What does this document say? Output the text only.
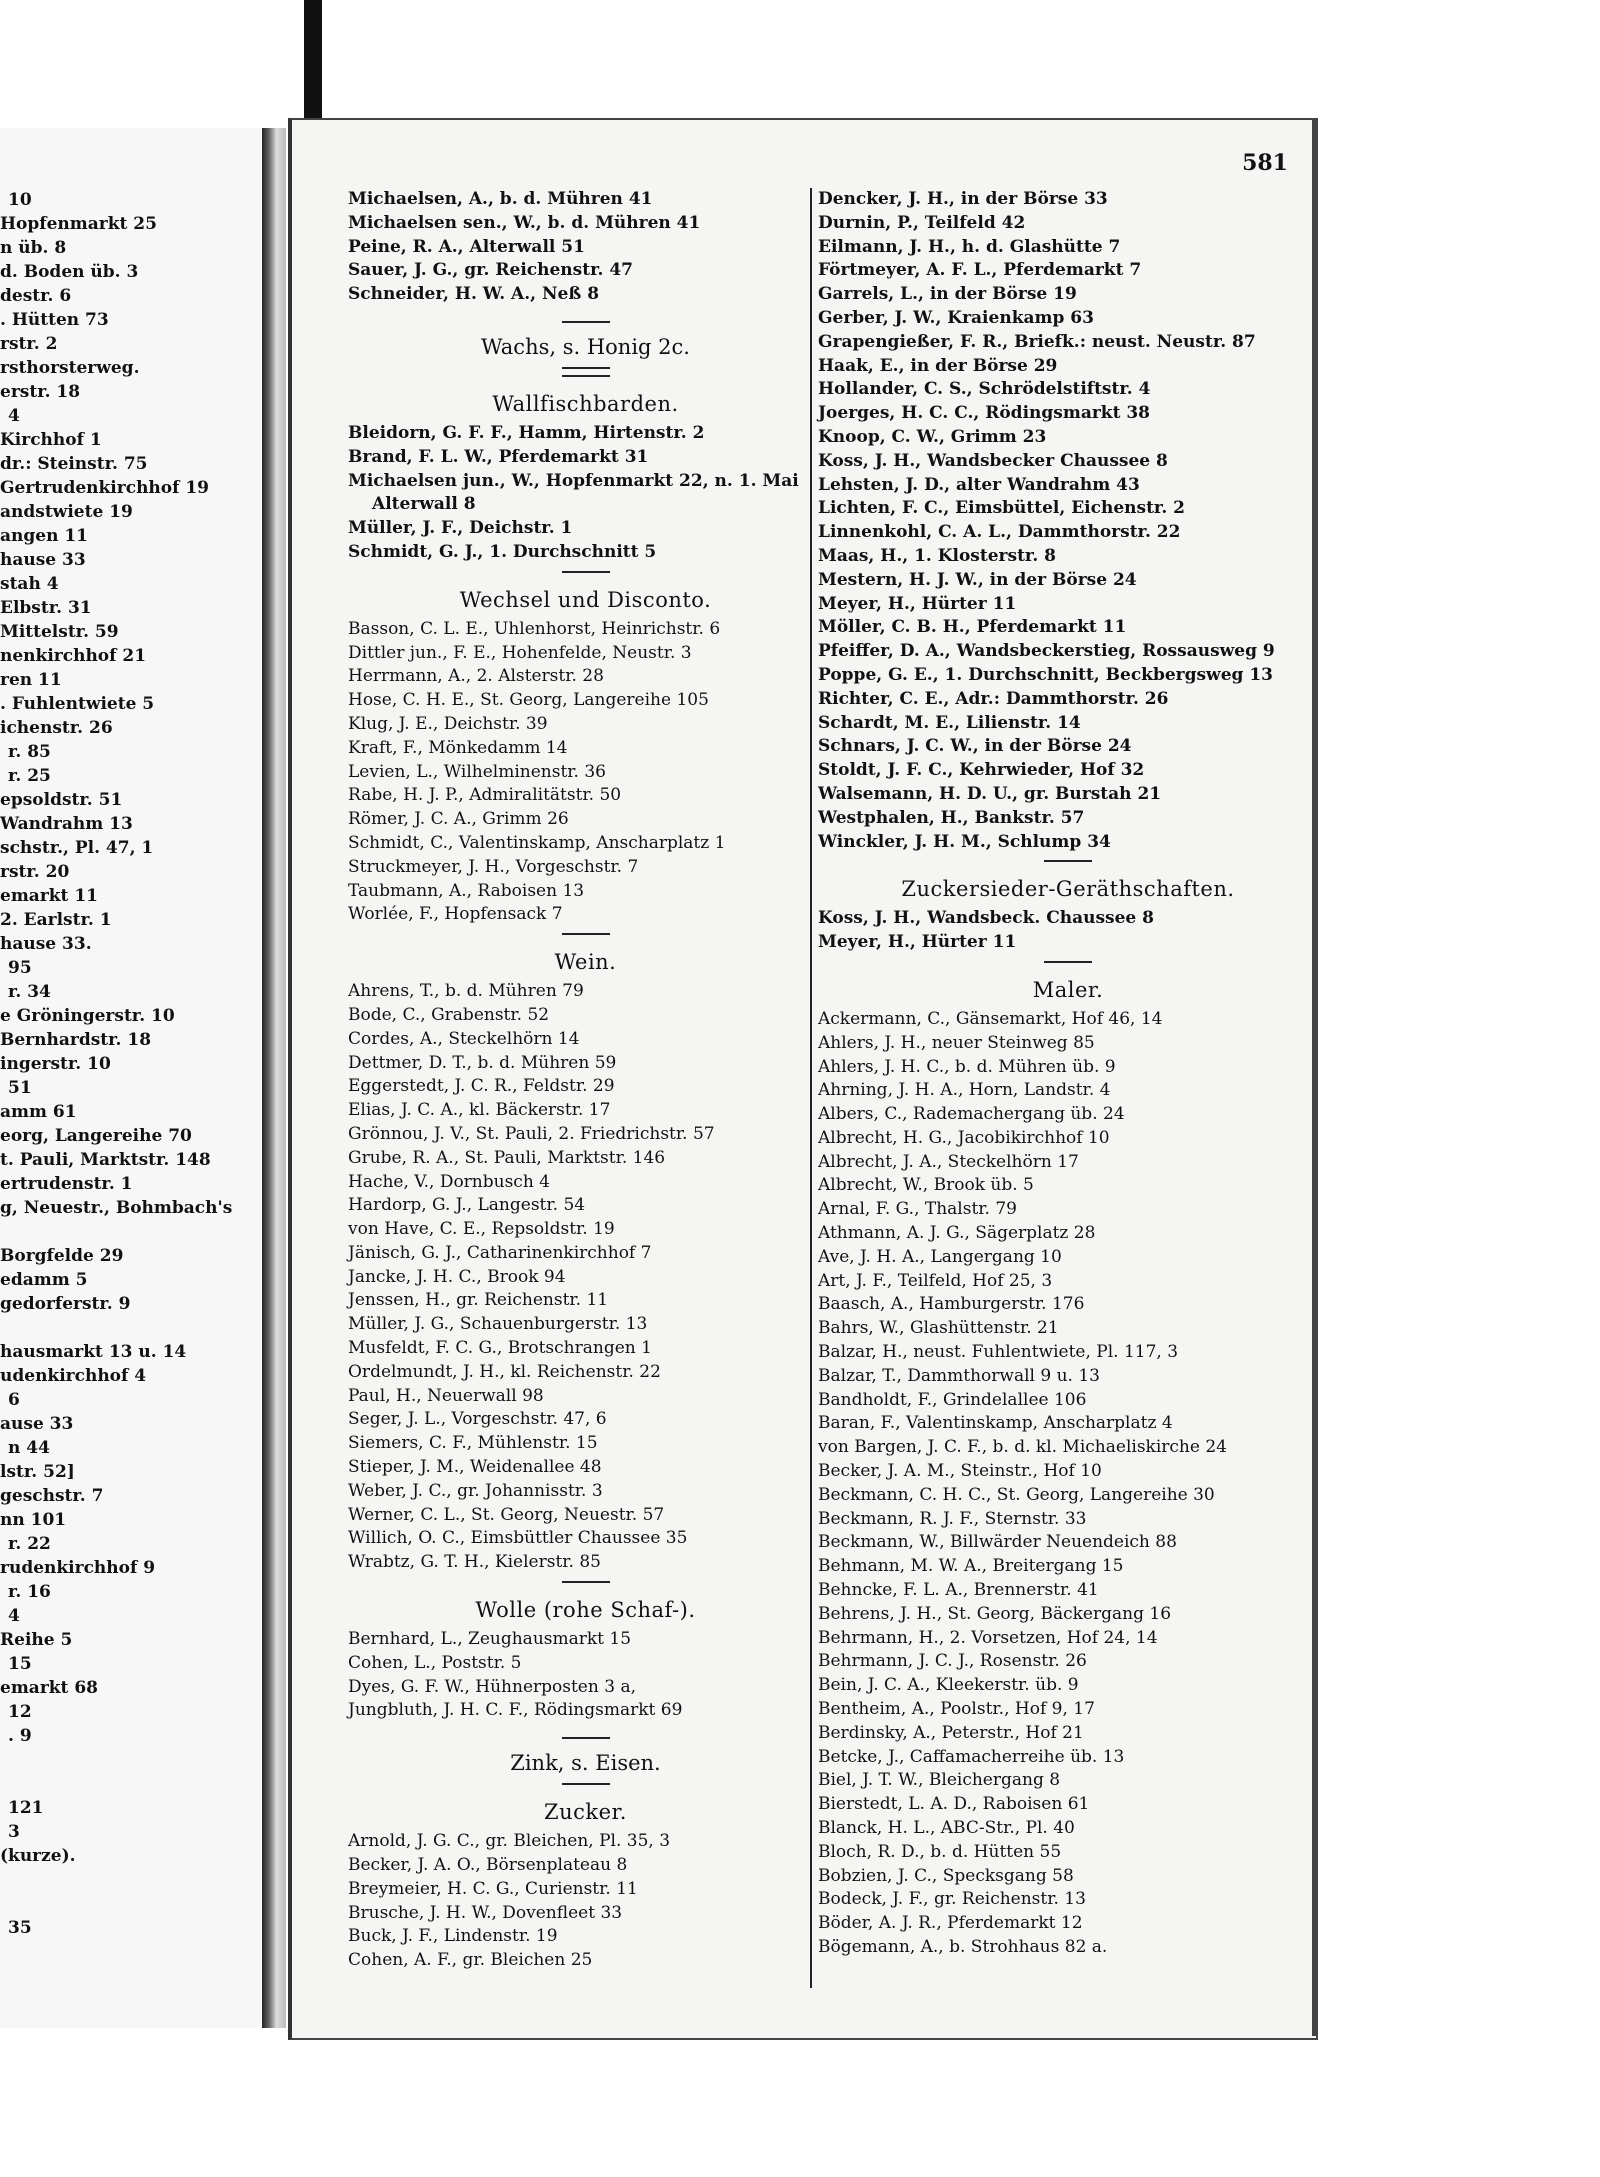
10
Hopfenmarkt 25
n üb. 8
d. Boden üb. 3
destr. 6
. Hütten 73
rstr. 2
rsthorsterweg.
erstr. 18
4
Kirchhof 1
dr.: Steinstr. 75
Gertrudenkirchhof 19
andstwiete 19
angen 11
hause 33
stah 4
Elbstr. 31
Mittelstr. 59
nenkirchhof 21
ren 11
. Fuhlentwiete 5
ichenstr. 26
r. 85
r. 25
epsoldstr. 51
Wandrahm 13
schstr., Pl. 47, 1
rstr. 20
emarkt 11
2. Earlstr. 1
hause 33.
95
r. 34
e Gröningerstr. 10
Bernhardstr. 18
ingerstr. 10
51
amm 61
eorg, Langereihe 70
t. Pauli, Marktstr. 148
ertrudenstr. 1
g, Neuestr., Bohmbach's
Borgfelde 29
edamm 5
gedorferstr. 9
hausmarkt 13 u. 14
udenkirchhof 4
6
ause 33
n 44
lstr. 52]
gesch​str. 7
nn 101
r. 22
rudenkirchhof 9
r. 16
4
Reihe 5
15
emarkt 68
12
. 9
121
3
(kurze).
35
581
Michaelsen, A., b. d. Mühren 41
Michaelsen sen., W., b. d. Mühren 41
Peine, R. A., Alterwall 51
Sauer, J. G., gr. Reichenstr. 47
Schneider, H. W. A., Neß 8
Wachs, s. Honig 2c.
Wallfischbarden.
Bleidorn, G. F. F., Hamm, Hirtenstr. 2
Brand, F. L. W., Pferdemarkt 31
Michaelsen jun., W., Hopfenmarkt 22, n. 1. Mai
Alterwall 8
Müller, J. F., Deichstr. 1
Schmidt, G. J., 1. Durchschnitt 5
Wechsel und Disconto.
Basson, C. L. E., Uhlenhorst, Heinrichstr. 6
Dittler jun., F. E., Hohenfelde, Neustr. 3
Herrmann, A., 2. Alsterstr. 28
Hose, C. H. E., St. Georg, Langereihe 105
Klug, J. E., Deichstr. 39
Kraft, F., Mönkedamm 14
Levien, L., Wilhelminenstr. 36
Rabe, H. J. P., Admiralitätstr. 50
Römer, J. C. A., Grimm 26
Schmidt, C., Valentinskamp, Anscharplatz 1
Struckmeyer, J. H., Vorgeschstr. 7
Taubmann, A., Raboisen 13
Worlée, F., Hopfensack 7
Wein.
Ahrens, T., b. d. Mühren 79
Bode, C., Grabenstr. 52
Cordes, A., Steckelhörn 14
Dettmer, D. T., b. d. Mühren 59
Eggerstedt, J. C. R., Feldstr. 29
Elias, J. C. A., kl. Bäckerstr. 17
Grönnou, J. V., St. Pauli, 2. Friedrichstr. 57
Grube, R. A., St. Pauli, Marktstr. 146
Hache, V., Dornbusch 4
Hardorp, G. J., Langestr. 54
von Have, C. E., Repsoldstr. 19
Jänisch, G. J., Catharinenkirchhof 7
Jancke, J. H. C., Brook 94
Jenssen, H., gr. Reichenstr. 11
Müller, J. G., Schauenburgerstr. 13
Musfeldt, F. C. G., Brotschrangen 1
Ordelmundt, J. H., kl. Reichenstr. 22
Paul, H., Neuerwall 98
Seger, J. L., Vorgeschstr. 47, 6
Siemers, C. F., Mühlenstr. 15
Stieper, J. M., Weidenallee 48
Weber, J. C., gr. Johannisstr. 3
Werner, C. L., St. Georg, Neuestr. 57
Willich, O. C., Eimsbüttler Chaussee 35
Wrabtz, G. T. H., Kielerstr. 85
Wolle (rohe Schaf-).
Bernhard, L., Zeughausmarkt 15
Cohen, L., Poststr. 5
Dyes, G. F. W., Hühnerposten 3 a,
Jungbluth, J. H. C. F., Rödingsmarkt 69
Zink, s. Eisen.
Zucker.
Arnold, J. G. C., gr. Bleichen, Pl. 35, 3
Becker, J. A. O., Börsenplateau 8
Breymeier, H. C. G., Curienstr. 11
Brusche, J. H. W., Dovenfleet 33
Buck, J. F., Lindenstr. 19
Cohen, A. F., gr. Bleichen 25
Dencker, J. H., in der Börse 33
Durnin, P., Teilfeld 42
Eilmann, J. H., h. d. Glashütte 7
Förtmeyer, A. F. L., Pferdemarkt 7
Garrels, L., in der Börse 19
Gerber, J. W., Kraienkamp 63
Grapengießer, F. R., Briefk.: neust. Neustr. 87
Haak, E., in der Börse 29
Hollander, C. S., Schrödelstiftstr. 4
Joerges, H. C. C., Rödingsmarkt 38
Knoop, C. W., Grimm 23
Koss, J. H., Wandsbecker Chaussee 8
Lehsten, J. D., alter Wandrahm 43
Lichten, F. C., Eimsbüttel, Eichenstr. 2
Linnenkohl, C. A. L., Dammthorstr. 22
Maas, H., 1. Klosterstr. 8
Mestern, H. J. W., in der Börse 24
Meyer, H., Hürter 11
Möller, C. B. H., Pferdemarkt 11
Pfeiffer, D. A., Wandsbeckerstieg, Rossausweg 9
Poppe, G. E., 1. Durchschnitt, Beckbergsweg 13
Richter, C. E., Adr.: Dammthorstr. 26
Schardt, M. E., Lilienstr. 14
Schnars, J. C. W., in der Börse 24
Stoldt, J. F. C., Kehrwieder, Hof 32
Walsemann, H. D. U., gr. Burstah 21
Westphalen, H., Bankstr. 57
Winckler, J. H. M., Schlump 34
Zuckersieder-Geräthschaften.
Koss, J. H., Wandsbeck. Chaussee 8
Meyer, H., Hürter 11
Maler.
Ackermann, C., Gänsemarkt, Hof 46, 14
Ahlers, J. H., neuer Steinweg 85
Ahlers, J. H. C., b. d. Mühren üb. 9
Ahrning, J. H. A., Horn, Landstr. 4
Albers, C., Rademachergang üb. 24
Albrecht, H. G., Jacobikirchhof 10
Albrecht, J. A., Steckelhörn 17
Albrecht, W., Brook üb. 5
Arnal, F. G., Thalstr. 79
Athmann, A. J. G., Sägerplatz 28
Ave, J. H. A., Langergang 10
Art, J. F., Teilfeld, Hof 25, 3
Baasch, A., Hamburgerstr. 176
Bahrs, W., Glashüttenstr. 21
Balzar, H., neust. Fuhlentwiete, Pl. 117, 3
Balzar, T., Dammthorwall 9 u. 13
Bandholdt, F., Grindelallee 106
Baran, F., Valentinskamp, Anscharplatz 4
von Bargen, J. C. F., b. d. kl. Michaeliskirche 24
Becker, J. A. M., Steinstr., Hof 10
Beckmann, C. H. C., St. Georg, Langereihe 30
Beckmann, R. J. F., Sternstr. 33
Beckmann, W., Billwärder Neuendeich 88
Behmann, M. W. A., Breitergang 15
Behncke, F. L. A., Brennerstr. 41
Behrens, J. H., St. Georg, Bäckergang 16
Behrmann, H., 2. Vorsetzen, Hof 24, 14
Behrmann, J. C. J., Rosenstr. 26
Bein, J. C. A., Kleekerstr. üb. 9
Bentheim, A., Poolstr., Hof 9, 17
Berdinsky, A., Peterstr., Hof 21
Betcke, J., Caffamacherreihe üb. 13
Biel, J. T. W., Bleichergang 8
Bierstedt, L. A. D., Raboisen 61
Blanck, H. L., ABC-Str., Pl. 40
Bloch, R. D., b. d. Hütten 55
Bobzien, J. C., Specksgang 58
Bodeck, J. F., gr. Reichenstr. 13
Böder, A. J. R., Pferdemarkt 12
Bögemann, A., b. Strohhaus 82 a.
